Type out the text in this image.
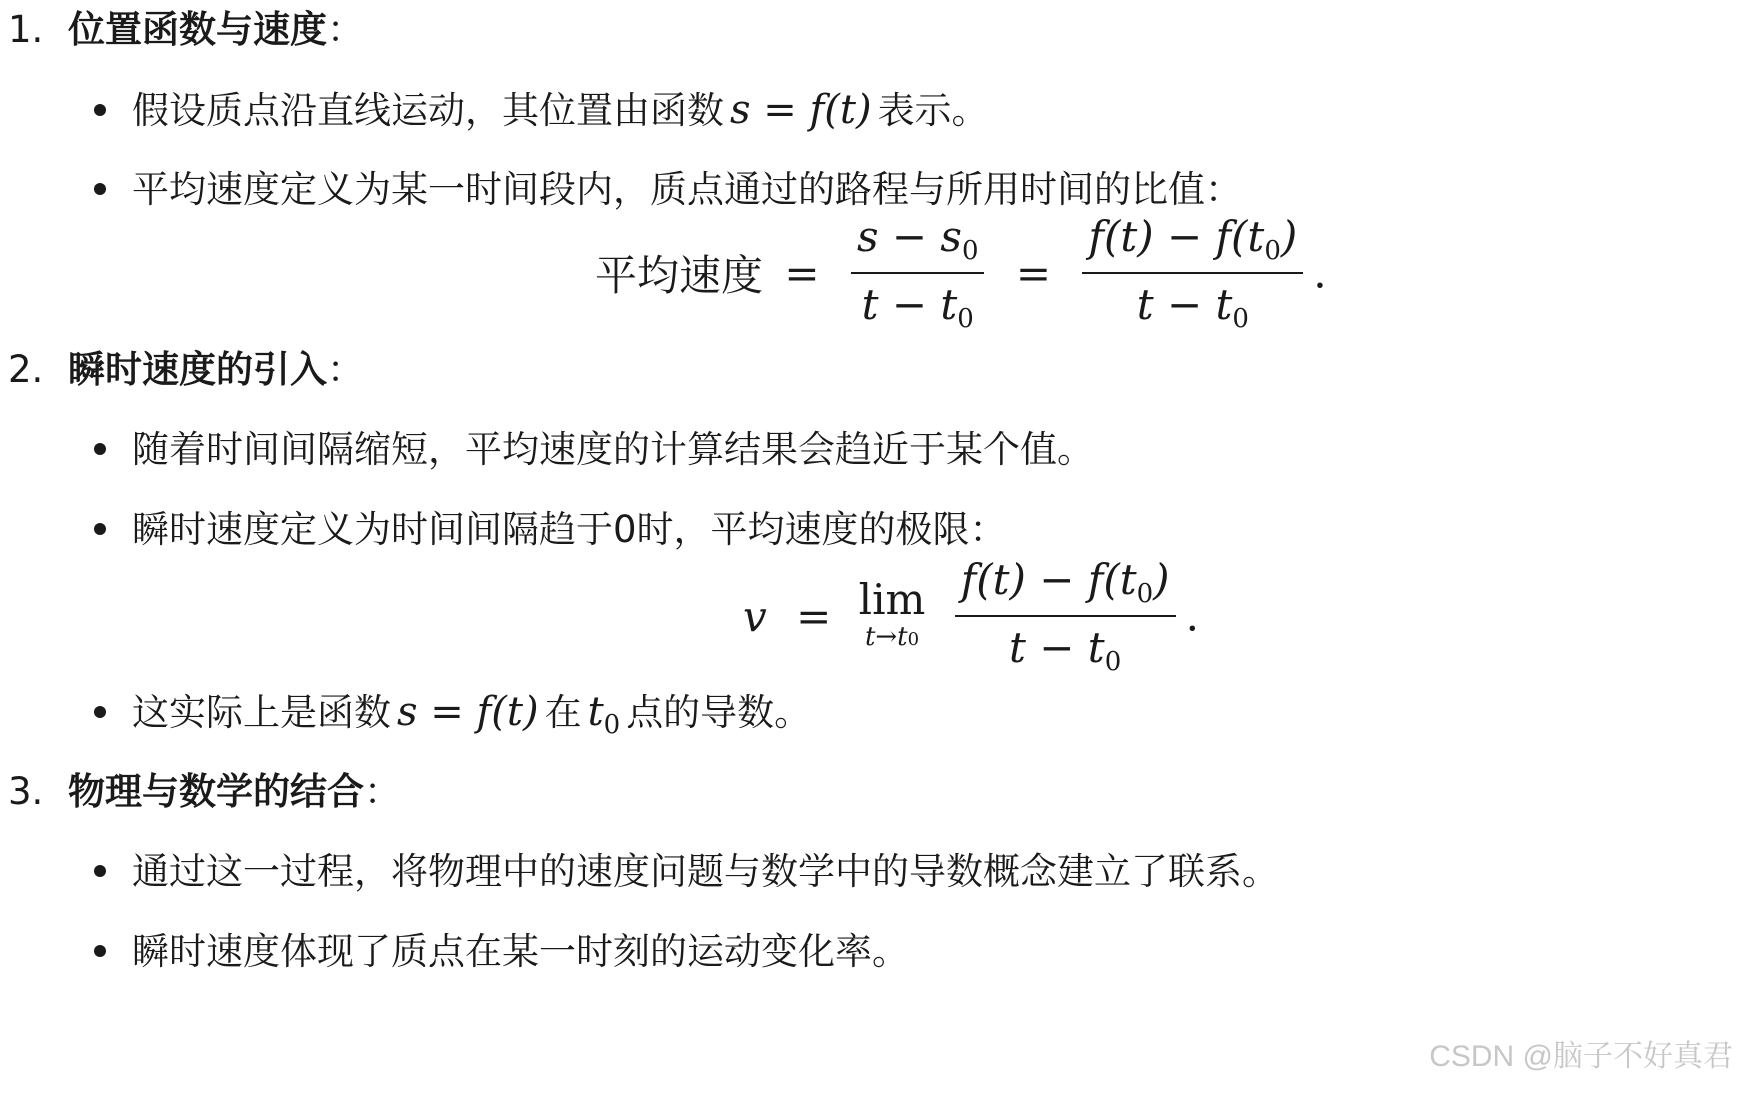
1. 位置函数与速度：
假设质点沿直线运动，其位置由函数 s = f(t) 表示。
平均速度定义为某一时间段内，质点通过的路程与所用时间的比值：
平均速度 = $\frac{s - s_0}{t - t_0} = \frac{f(t) - f(t_0)}{t - t_0}$ .
2. 瞬时速度的引入：
随着时间间隔缩短，平均速度的计算结果会趋近于某个值。
瞬时速度定义为时间间隔趋于0时，平均速度的极限：
v = lim
t→t0
$\frac{f(t) - f(t_0)}{t - t_0}$ .
这实际上是函数 s = f(t) 在 $t_0$ 点的导数。
3. 物理与数学的结合：
通过这一过程，将物理中的速度问题与数学中的导数概念建立了联系。
瞬时速度体现了质点在某一时刻的运动变化率。
CSDN @脑子不好真君
